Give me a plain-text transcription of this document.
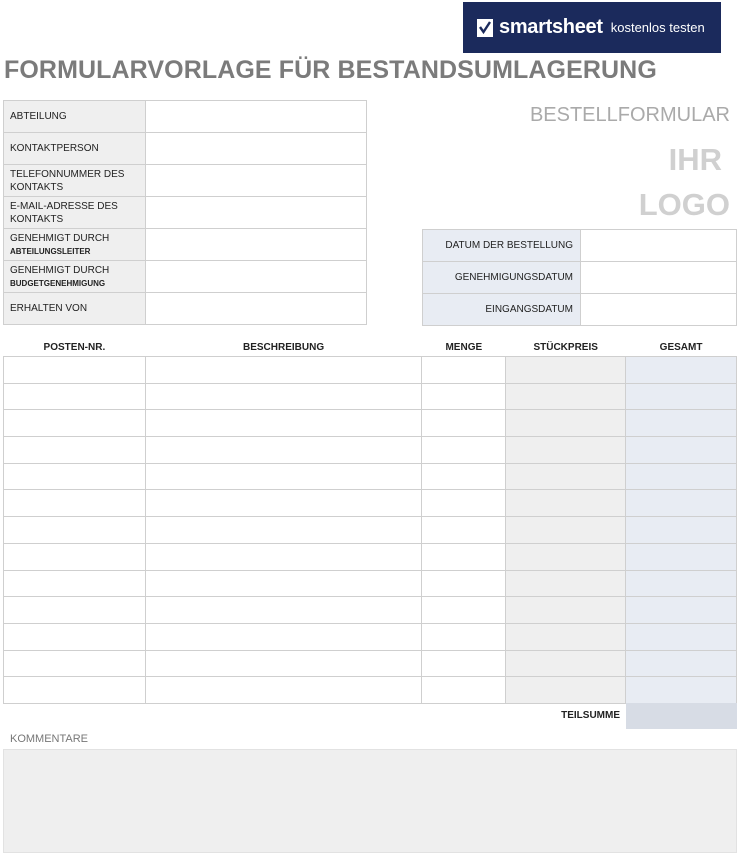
smartsheet kostenlos testen
FORMULARVORLAGE FÜR BESTANDSUMLAGERUNG
ABTEILUNG	
KONTAKTPERSON	
TELEFONNUMMER DES KONTAKTS	
E-MAIL-ADRESSE DES KONTAKTS	
GENEHMIGT DURCH
ABTEILUNGSLEITER	

GENEHMIGT DURCH
BUDGETGENEHMIGUNG	

ERHALTEN VON	
BESTELLFORMULAR
IHR
LOGO
DATUM DER BESTELLUNG	
GENEHMIGUNGSDATUM	
EINGANGSDATUM	
POSTEN-NR.	BESCHREIBUNG	MENGE	STÜCKPREIS	GESAMT

TEILSUMME
KOMMENTARE
